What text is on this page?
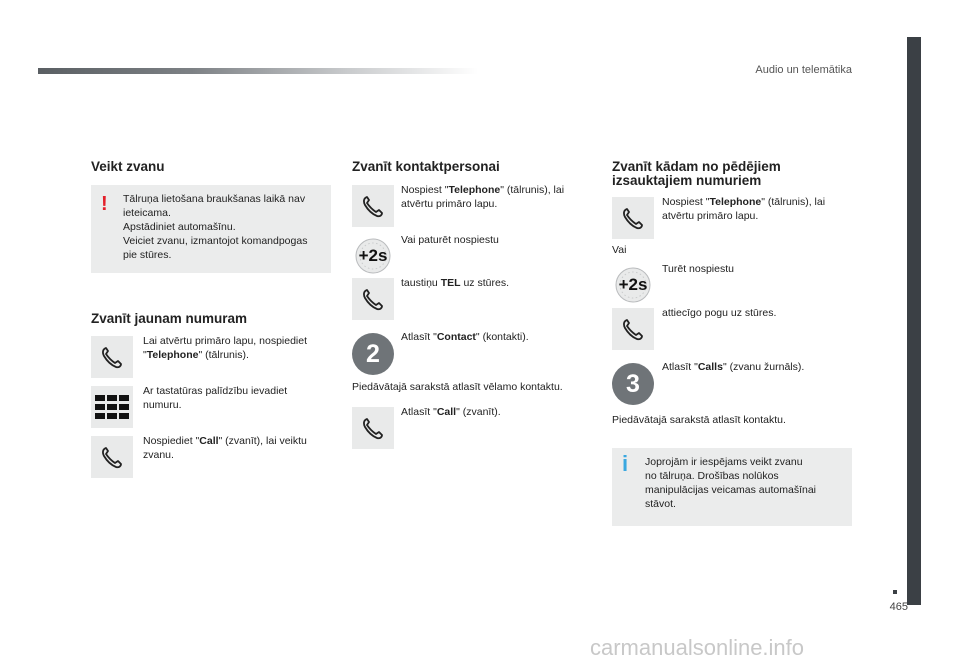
Audio un telemātika
465
Veikt zvanu
! Tālruņa lietošana braukšanas laikā nav
ieteicama.
Apstādiniet automašīnu.
Veiciet zvanu, izmantojot komandpogas
pie stūres.
Zvanīt jaunam numuram
Lai atvērtu primāro lapu, nospiediet
"Telephone" (tālrunis).
Ar tastatūras palīdzību ievadiet
numuru.
Nospiediet "Call" (zvanīt), lai veiktu
zvanu.
Zvanīt kontaktpersonai
Nospiest "Telephone" (tālrunis), lai
atvērtu primāro lapu.
+2s
Vai paturēt nospiestu
taustiņu TEL uz stūres.
2
Atlasīt "Contact" (kontakti).
Piedāvātajā sarakstā atlasīt vēlamo kontaktu.
Atlasīt "Call" (zvanīt).
Zvanīt kādam no pēdējiem
izsauktajiem numuriem
Nospiest "Telephone" (tālrunis), lai
atvērtu primāro lapu.
Vai
+2s
Turēt nospiestu
attiecīgo pogu uz stūres.
3
Atlasīt "Calls" (zvanu žurnāls).
Piedāvātajā sarakstā atlasīt kontaktu.
i Joprojām ir iespējams veikt zvanu
no tālruņa. Drošības nolūkos
manipulācijas veicamas automašīnai
stāvot.
carmanualsonline.info
